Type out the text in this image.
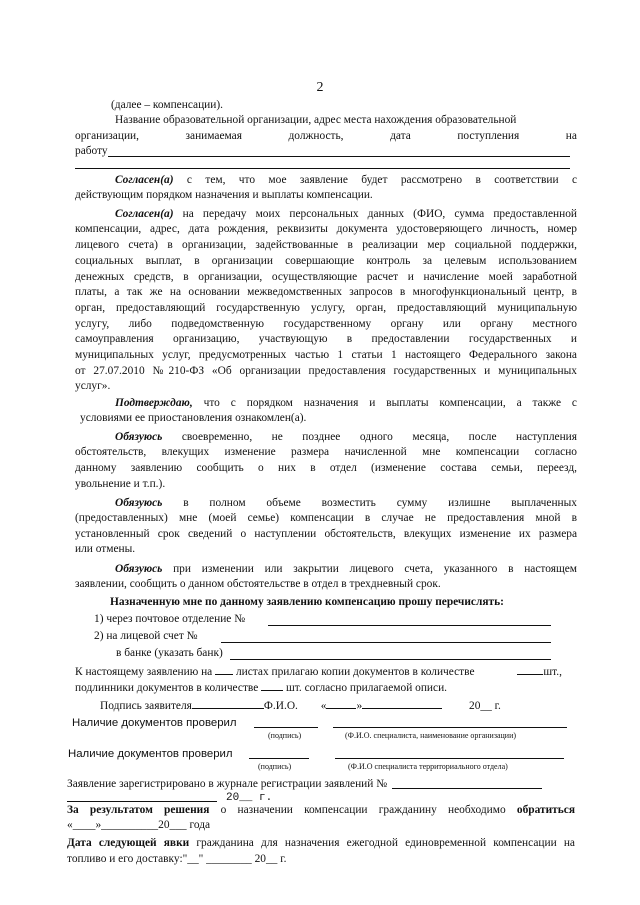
2
(далее – компенсации).
Название образовательной организации, адрес места нахождения образовательной
организации,	занимаемая	должность,	дата	поступления	на
работу
Согласен(а) с тем, что мое заявление будет рассмотрено в соответствии с
действующим порядком назначения и выплаты компенсации.
Согласен(а) на передачу моих персональных данных (ФИО, сумма предоставленной
компенсации, адрес, дата рождения, реквизиты документа удостоверяющего личность, номер
лицевого счета) в организации, задействованные в реализации мер социальной поддержки,
социальных выплат, в организации совершающие контроль за целевым использованием
денежных средств, в организации, осуществляющие расчет и начисление моей заработной
платы, а так же на основании межведомственных запросов в многофункциональный центр, в
орган, предоставляющий государственную услугу, орган, предоставляющий муниципальную
услугу, либо подведомственную государственному органу или органу местного
самоуправления организацию, участвующую в предоставлении государственных и
муниципальных услуг, предусмотренных частью 1 статьи 1 настоящего Федерального закона
от 27.07.2010 №210-ФЗ «Об организации предоставления государственных и муниципальных
услуг».
Подтверждаю, что с порядком назначения и выплаты компенсации, а также с
условиями ее приостановления ознакомлен(а).
Обязуюсь своевременно, не позднее одного месяца, после наступления
обстоятельств, влекущих изменение размера начисленной мне компенсации согласно
данному заявлению сообщить о них в отдел (изменение состава семьи, переезд,
увольнение и т.п.).
Обязуюсь в полном объеме возместить сумму излишне выплаченных
(предоставленных) мне (моей семье) компенсации в случае не предоставления мной в
установленный срок сведений о наступлении обстоятельств, влекущих изменение их размера
или отмены.
Обязуюсь при изменении или закрытии лицевого счета, указанного в настоящем
заявлении, сообщить о данном обстоятельстве в отдел в трехдневный срок.
Назначенную мне по данному заявлению компенсацию прошу перечислять:
1) через почтовое отделение №
2) на лицевой счет №
в банке (указать банк)
К настоящему заявлению на листах прилагаю копии документов в количестве	шт.,
подлинники документов в количестве шт. согласно прилагаемой описи.
Подпись заявителя	Ф.И.О. «	»	20__ г.
Наличие документов проверил
(подпись)	(Ф.И.О. специалиста, наименование организации)
Наличие документов проверил
(подпись)	(Ф.И.О специалиста территориального отдела)
Заявление зарегистрировано в журнале регистрации заявлений №
20__ г.
За результатом решения о назначении компенсации гражданину необходимо обратиться
«____»__________20___ года
Дата следующей явки гражданина для назначения ежегодной единовременной компенсации на
топливо и его доставку:"__" ________ 20__ г.
